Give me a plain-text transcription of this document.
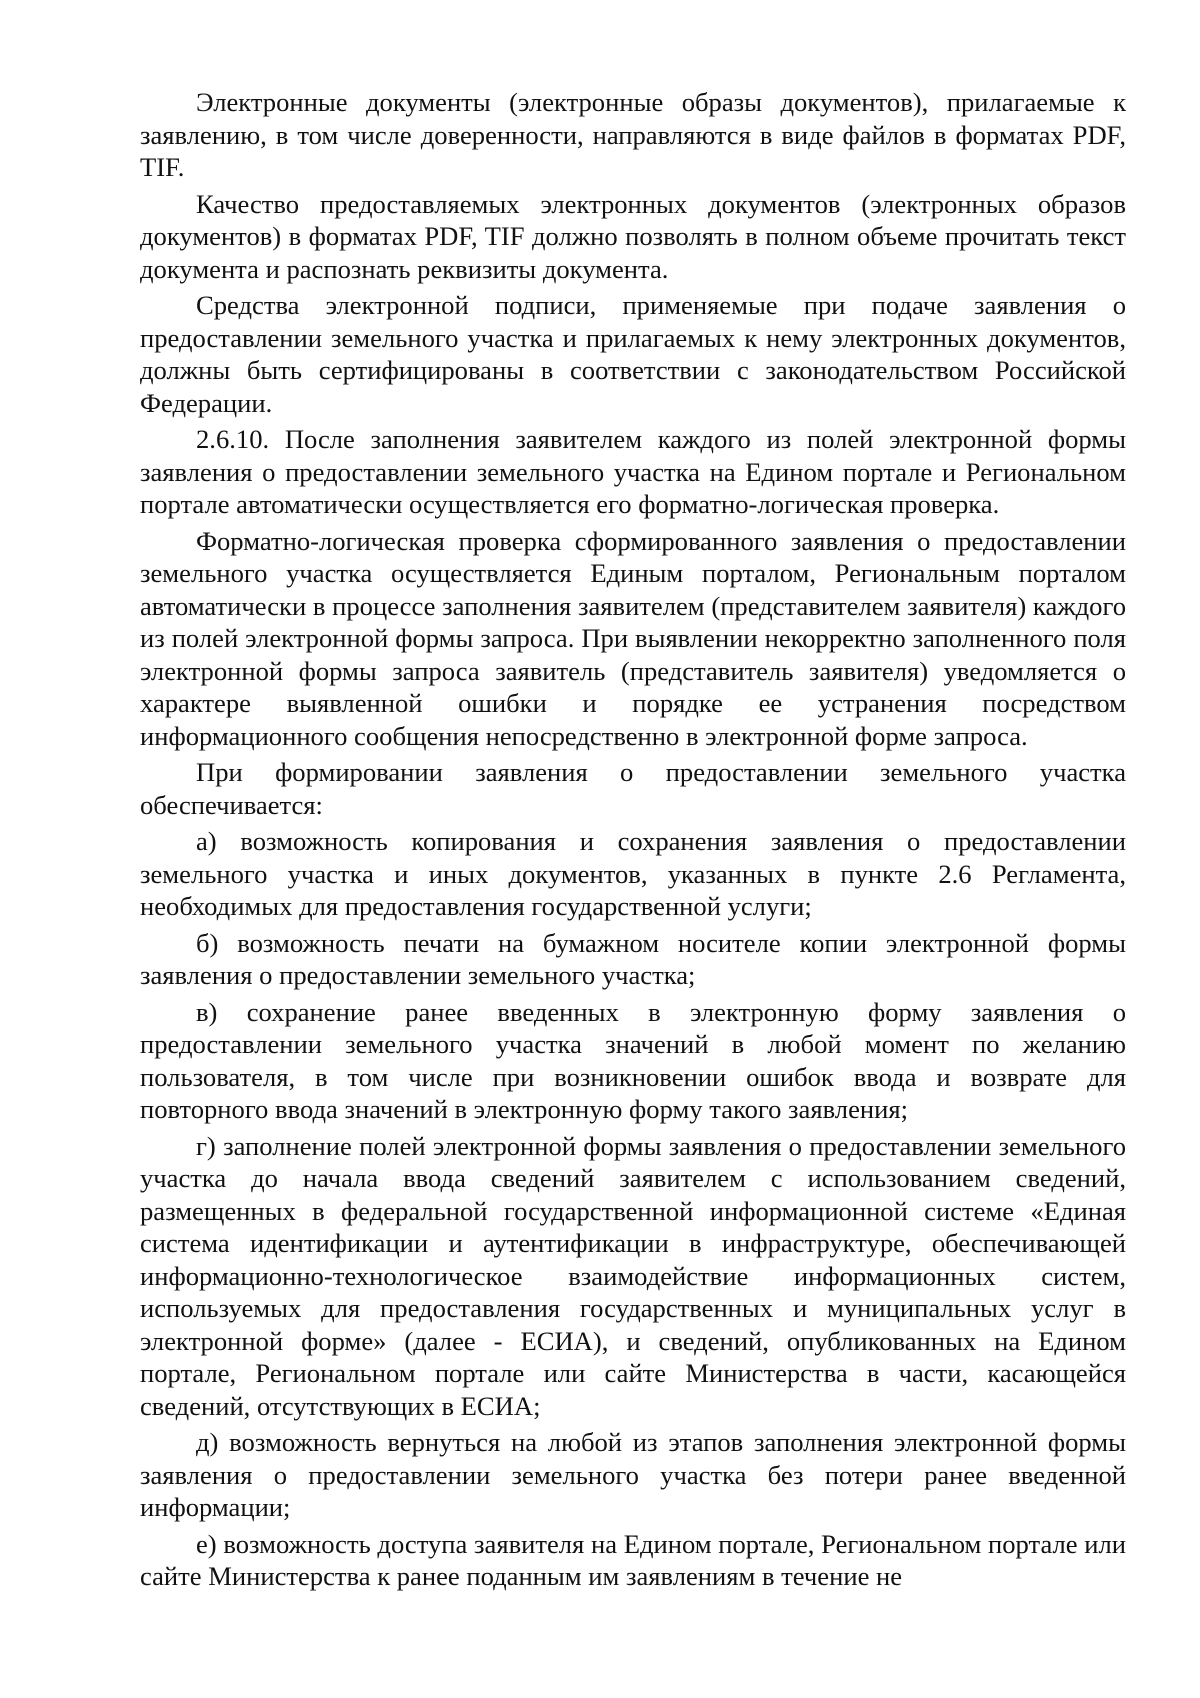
Электронные документы (электронные образы документов), прилагаемые к заявлению, в том числе доверенности, направляются в виде файлов в форматах PDF, TIF.

Качество предоставляемых электронных документов (электронных образов документов) в форматах PDF, TIF должно позволять в полном объеме прочитать текст документа и распознать реквизиты документа.

Средства электронной подписи, применяемые при подаче заявления о предоставлении земельного участка и прилагаемых к нему электронных документов, должны быть сертифицированы в соответствии с законодательством Российской Федерации.

2.6.10. После заполнения заявителем каждого из полей электронной формы заявления о предоставлении земельного участка на Едином портале и Региональном портале автоматически осуществляется его форматно-логическая проверка.

Форматно-логическая проверка сформированного заявления о предоставлении земельного участка осуществляется Единым порталом, Региональным порталом автоматически в процессе заполнения заявителем (представителем заявителя) каждого из полей электронной формы запроса. При выявлении некорректно заполненного поля электронной формы запроса заявитель (представитель заявителя) уведомляется о характере выявленной ошибки и порядке ее устранения посредством информационного сообщения непосредственно в электронной форме запроса.

При формировании заявления о предоставлении земельного участка обеспечивается:

а) возможность копирования и сохранения заявления о предоставлении земельного участка и иных документов, указанных в пункте 2.6 Регламента, необходимых для предоставления государственной услуги;

б) возможность печати на бумажном носителе копии электронной формы заявления о предоставлении земельного участка;

в) сохранение ранее введенных в электронную форму заявления о предоставлении земельного участка значений в любой момент по желанию пользователя, в том числе при возникновении ошибок ввода и возврате для повторного ввода значений в электронную форму такого заявления;

г) заполнение полей электронной формы заявления о предоставлении земельного участка до начала ввода сведений заявителем с использованием сведений, размещенных в федеральной государственной информационной системе «Единая система идентификации и аутентификации в инфраструктуре, обеспечивающей информационно-технологическое взаимодействие информационных систем, используемых для предоставления государственных и муниципальных услуг в электронной форме» (далее - ЕСИА), и сведений, опубликованных на Едином портале, Региональном портале или сайте Министерства в части, касающейся сведений, отсутствующих в ЕСИА;

д) возможность вернуться на любой из этапов заполнения электронной формы заявления о предоставлении земельного участка без потери ранее введенной информации;

е) возможность доступа заявителя на Едином портале, Региональном портале или сайте Министерства к ранее поданным им заявлениям в течение не
